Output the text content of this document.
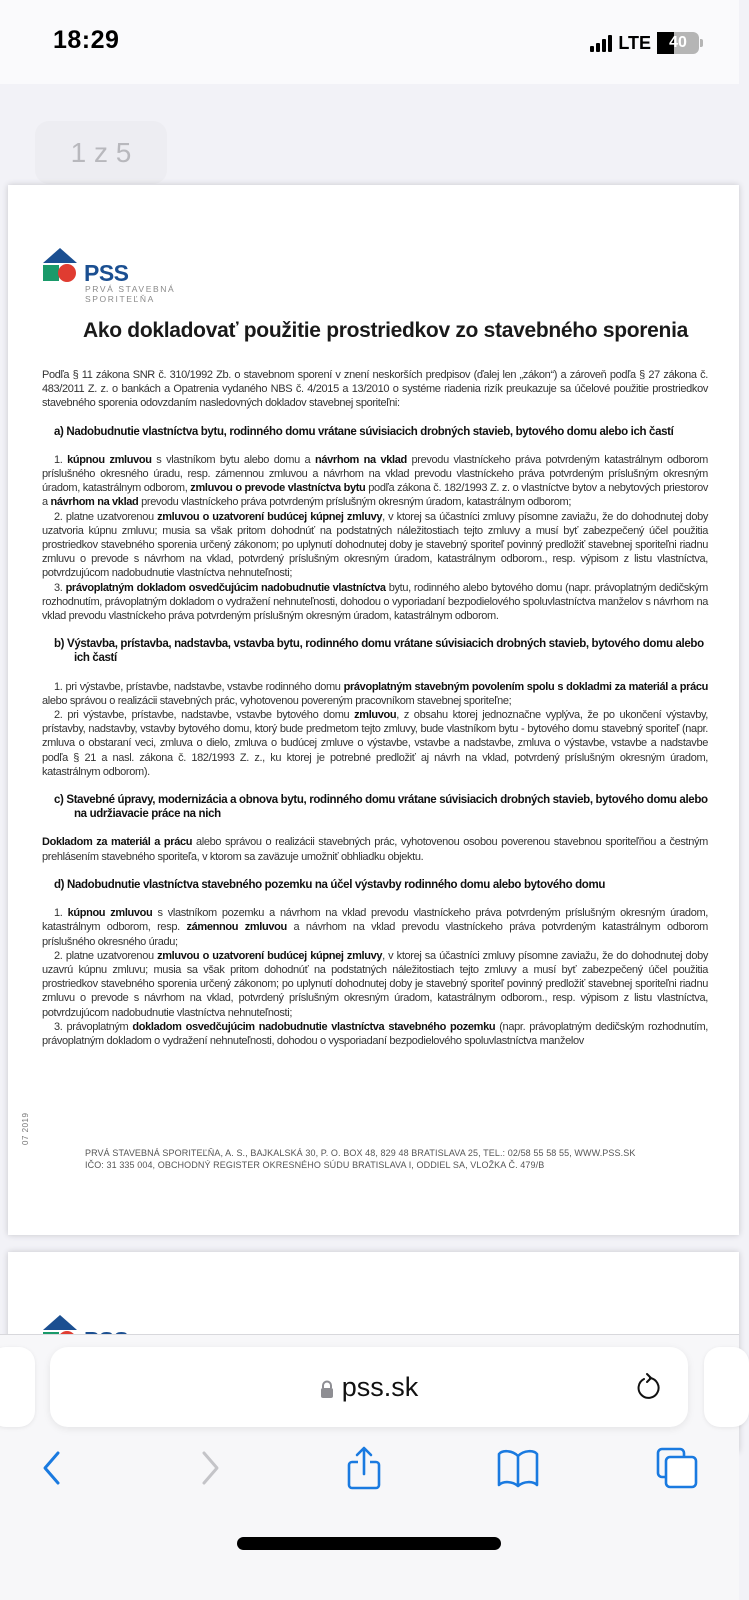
18:29	LTE 40
1 z 5
PSS
PRVÁ STAVEBNÁ
SPORITEĽŇA
Ako dokladovať použitie prostriedkov zo stavebného sporenia

Podľa § 11 zákona SNR č. 310/1992 Zb. o stavebnom sporení v znení neskorších predpisov (ďalej len „zákon“) a zároveň podľa § 27 zákona č. 483/2011 Z. z. o bankách a Opatrenia vydaného NBS č. 4/2015 a 13/2010 o systéme riadenia rizík preukazuje sa účelové použitie prostriedkov stavebného sporenia odovzdaním nasledovných dokladov stavebnej sporiteľni:

a) Nadobudnutie vlastníctva bytu, rodinného domu vrátane súvisiacich drobných stavieb, bytového domu alebo ich častí

1. kúpnou zmluvou s vlastníkom bytu alebo domu a návrhom na vklad prevodu vlastníckeho práva potvrdeným katastrálnym odborom príslušného okresného úradu, resp. zámennou zmluvou a návrhom na vklad prevodu vlastníckeho práva potvrdeným príslušným okresným úradom, katastrálnym odborom, zmluvou o prevode vlastníctva bytu podľa zákona č. 182/1993 Z. z. o vlastníctve bytov a nebytových priestorov a návrhom na vklad prevodu vlastníckeho práva potvrdeným príslušným okresným úradom, katastrálnym odborom;

2. platne uzatvorenou zmluvou o uzatvorení budúcej kúpnej zmluvy, v ktorej sa účastníci zmluvy písomne zaviažu, že do dohodnutej doby uzatvoria kúpnu zmluvu; musia sa však pritom dohodnúť na podstatných náležitostiach tejto zmluvy a musí byť zabezpečený účel použitia prostriedkov stavebného sporenia určený zákonom; po uplynutí dohodnutej doby je stavebný sporiteľ povinný predložiť stavebnej sporiteľni riadnu zmluvu o prevode s návrhom na vklad, potvrdený príslušným okresným úradom, katastrálnym odborom., resp. výpisom z listu vlastníctva, potvrdzujúcom nadobudnutie vlastníctva nehnuteľnosti;

3. právoplatným dokladom osvedčujúcim nadobudnutie vlastníctva bytu, rodinného alebo bytového domu (napr. právoplatným dedičským rozhodnutím, právoplatným dokladom o vydražení nehnuteľnosti, dohodou o vyporiadaní bezpodielového spoluvlastníctva manželov s návrhom na vklad prevodu vlastníckeho práva potvrdeným príslušným okresným úradom, katastrálnym odborom.

b) Výstavba, prístavba, nadstavba, vstavba bytu, rodinného domu vrátane súvisiacich drobných stavieb, bytového domu alebo ich častí

1. pri výstavbe, prístavbe, nadstavbe, vstavbe rodinného domu právoplatným stavebným povolením spolu s dokladmi za materiál a prácu alebo správou o realizácii stavebných prác, vyhotovenou povereným pracovníkom stavebnej sporiteľne;

2. pri výstavbe, prístavbe, nadstavbe, vstavbe bytového domu zmluvou, z obsahu ktorej jednoznačne vyplýva, že po ukončení výstavby, prístavby, nadstavby, vstavby bytového domu, ktorý bude predmetom tejto zmluvy, bude vlastníkom bytu - bytového domu stavebný sporiteľ (napr. zmluva o obstaraní veci, zmluva o dielo, zmluva o budúcej zmluve o výstavbe, vstavbe a nadstavbe, zmluva o výstavbe, vstavbe a nadstavbe podľa § 21 a nasl. zákona č. 182/1993 Z. z., ku ktorej je potrebné predložiť aj návrh na vklad, potvrdený príslušným okresným úradom, katastrálnym odborom).

c) Stavebné úpravy, modernizácia a obnova bytu, rodinného domu vrátane súvisiacich drobných stavieb, bytového domu alebo na udržiavacie práce na nich

Dokladom za materiál a prácu alebo správou o realizácii stavebných prác, vyhotovenou osobou poverenou stavebnou sporiteľňou a čestným prehlásením stavebného sporiteľa, v ktorom sa zaväzuje umožniť obhliadku objektu.

d) Nadobudnutie vlastníctva stavebného pozemku na účel výstavby rodinného domu alebo bytového domu

1. kúpnou zmluvou s vlastníkom pozemku a návrhom na vklad prevodu vlastníckeho práva potvrdeným príslušným okresným úradom, katastrálnym odborom, resp. zámennou zmluvou a návrhom na vklad prevodu vlastníckeho práva potvrdeným katastrálnym odborom príslušného okresného úradu;

2. platne uzatvorenou zmluvou o uzatvorení budúcej kúpnej zmluvy, v ktorej sa účastníci zmluvy písomne zaviažu, že do dohodnutej doby uzavrú kúpnu zmluvu; musia sa však pritom dohodnúť na podstatných náležitostiach tejto zmluvy a musí byť zabezpečený účel použitia prostriedkov stavebného sporenia určený zákonom; po uplynutí dohodnutej doby je stavebný sporiteľ povinný predložiť stavebnej sporiteľni riadnu zmluvu o prevode s návrhom na vklad, potvrdený príslušným okresným úradom, katastrálnym odborom., resp. výpisom z listu vlastníctva, potvrdzujúcom nadobudnutie vlastníctva nehnuteľnosti;

3. právoplatným dokladom osvedčujúcim nadobudnutie vlastníctva stavebného pozemku (napr. právoplatným dedičským rozhodnutím, právoplatným dokladom o vydražení nehnuteľnosti, dohodou o vysporiadaní bezpodielového spoluvlastníctva manželov

07 2019
PRVÁ STAVEBNÁ SPORITEĽŇA, A. S., BAJKALSKÁ 30, P. O. BOX 48, 829 48 BRATISLAVA 25, TEL.: 02/58 55 58 55, WWW.PSS.SK
IČO: 31 335 004, OBCHODNÝ REGISTER OKRESNÉHO SÚDU BRATISLAVA I, ODDIEL SA, VLOŽKA Č. 479/B
pss.sk
